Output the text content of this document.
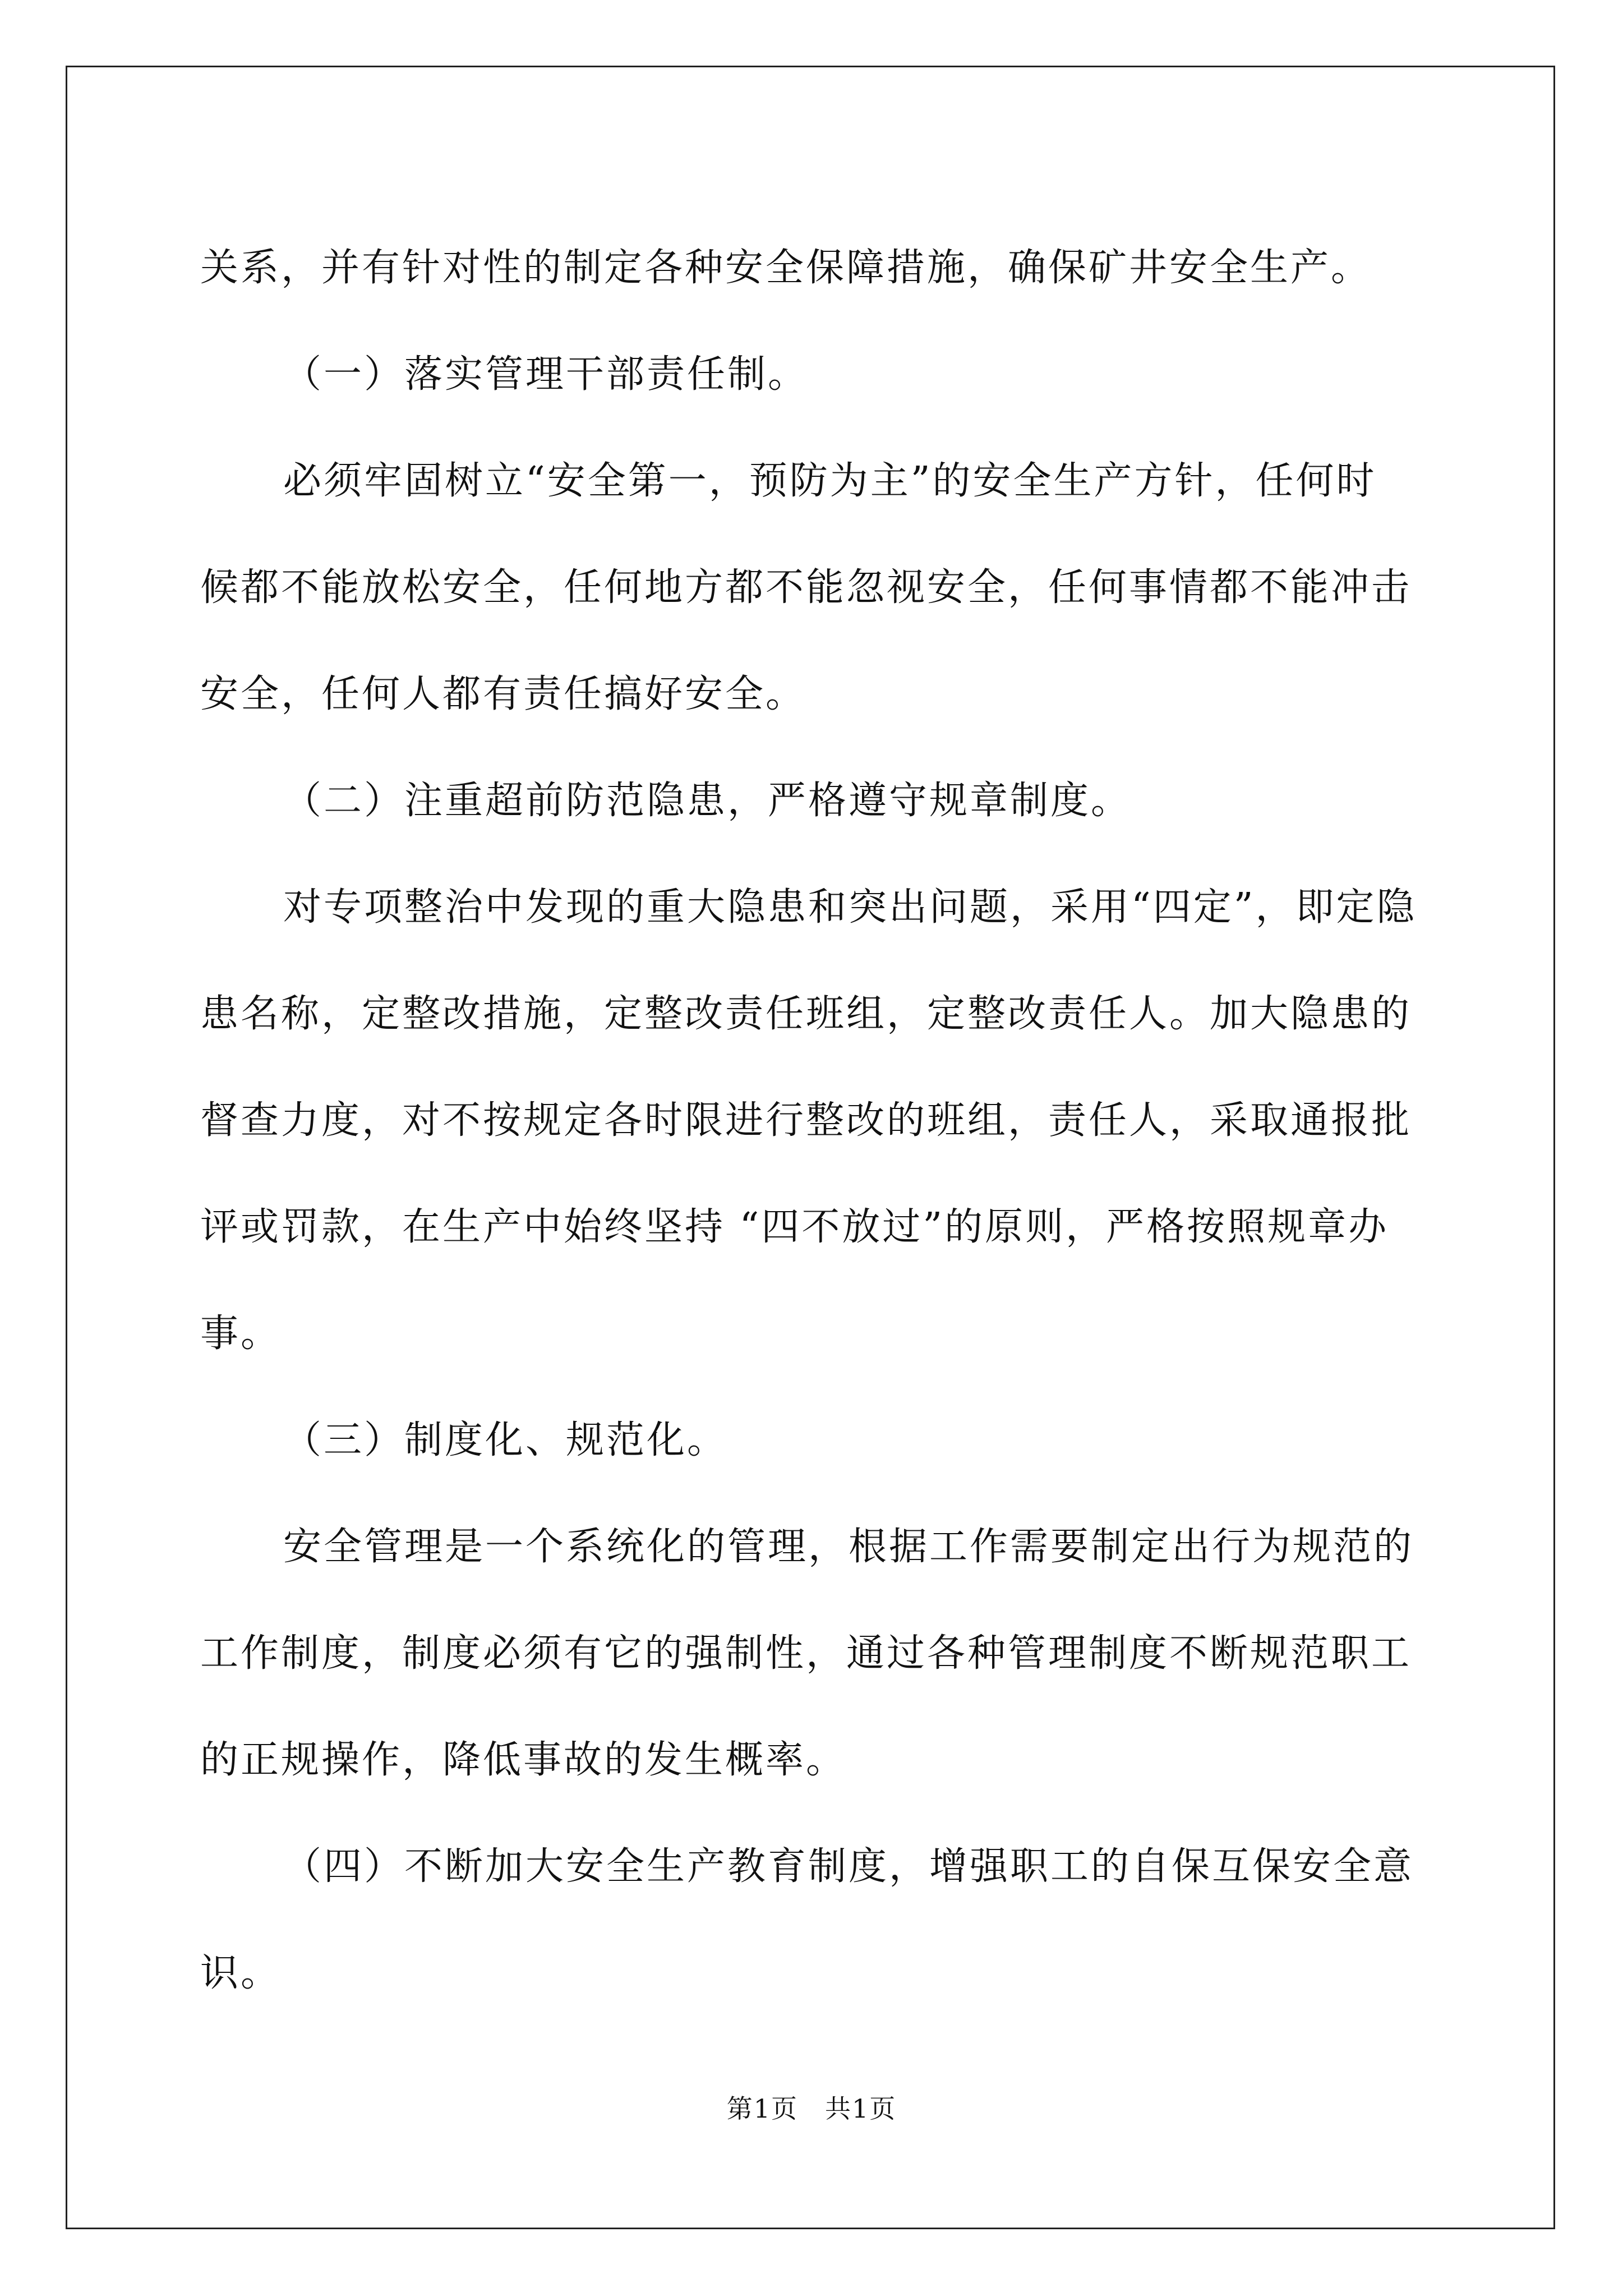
关系，并有针对性的制定各种安全保障措施，确保矿井安全生产。

（一）落实管理干部责任制。

必须牢固树立“安全第一，预防为主”的安全生产方针，任何时
候都不能放松安全，任何地方都不能忽视安全，任何事情都不能冲击
安全，任何人都有责任搞好安全。

（二）注重超前防范隐患，严格遵守规章制度。

对专项整治中发现的重大隐患和突出问题，采用“四定”，即定隐
患名称，定整改措施，定整改责任班组，定整改责任人。加大隐患的
督查力度，对不按规定各时限进行整改的班组，责任人，采取通报批
评或罚款，在生产中始终坚持 “四不放过”的原则，严格按照规章办
事。

（三）制度化、规范化。

安全管理是一个系统化的管理，根据工作需要制定出行为规范的
工作制度，制度必须有它的强制性，通过各种管理制度不断规范职工
的正规操作，降低事故的发生概率。

（四）不断加大安全生产教育制度，增强职工的自保互保安全意
识。

第1页 共1页
